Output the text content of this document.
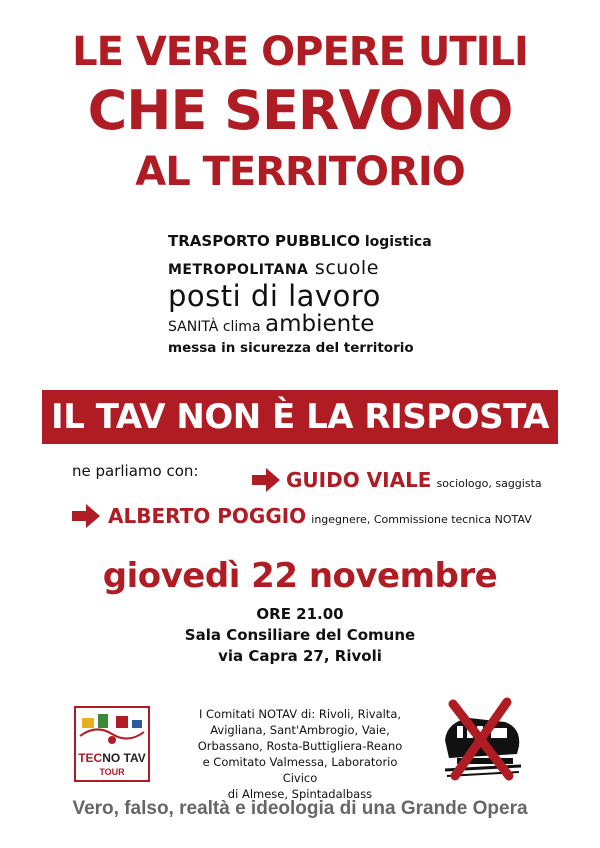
LE VERE OPERE UTILI
CHE SERVONO
AL TERRITORIO
TRASPORTO PUBBLICO logistica
METROPOLITANA scuole
posti di lavoro
SANITÀ clima ambiente
messa in sicurezza del territorio
IL TAV NON È LA RISPOSTA
ne parliamo con:	GUIDO VIALE sociologo, saggista
ALBERTO POGGIO ingegnere, Commissione tecnica NOTAV
giovedì 22 novembre
ORE 21.00
Sala Consiliare del Comune
via Capra 27, Rivoli
TECNO TAV
TOUR
I Comitati NOTAV di: Rivoli, Rivalta,
Avigliana, Sant'Ambrogio, Vaie,
Orbassano, Rosta-Buttigliera-Reano
e Comitato Valmessa, Laboratorio Civico
di Almese, Spintadalbass
Vero, falso, realtà e ideologia di una Grande Opera
